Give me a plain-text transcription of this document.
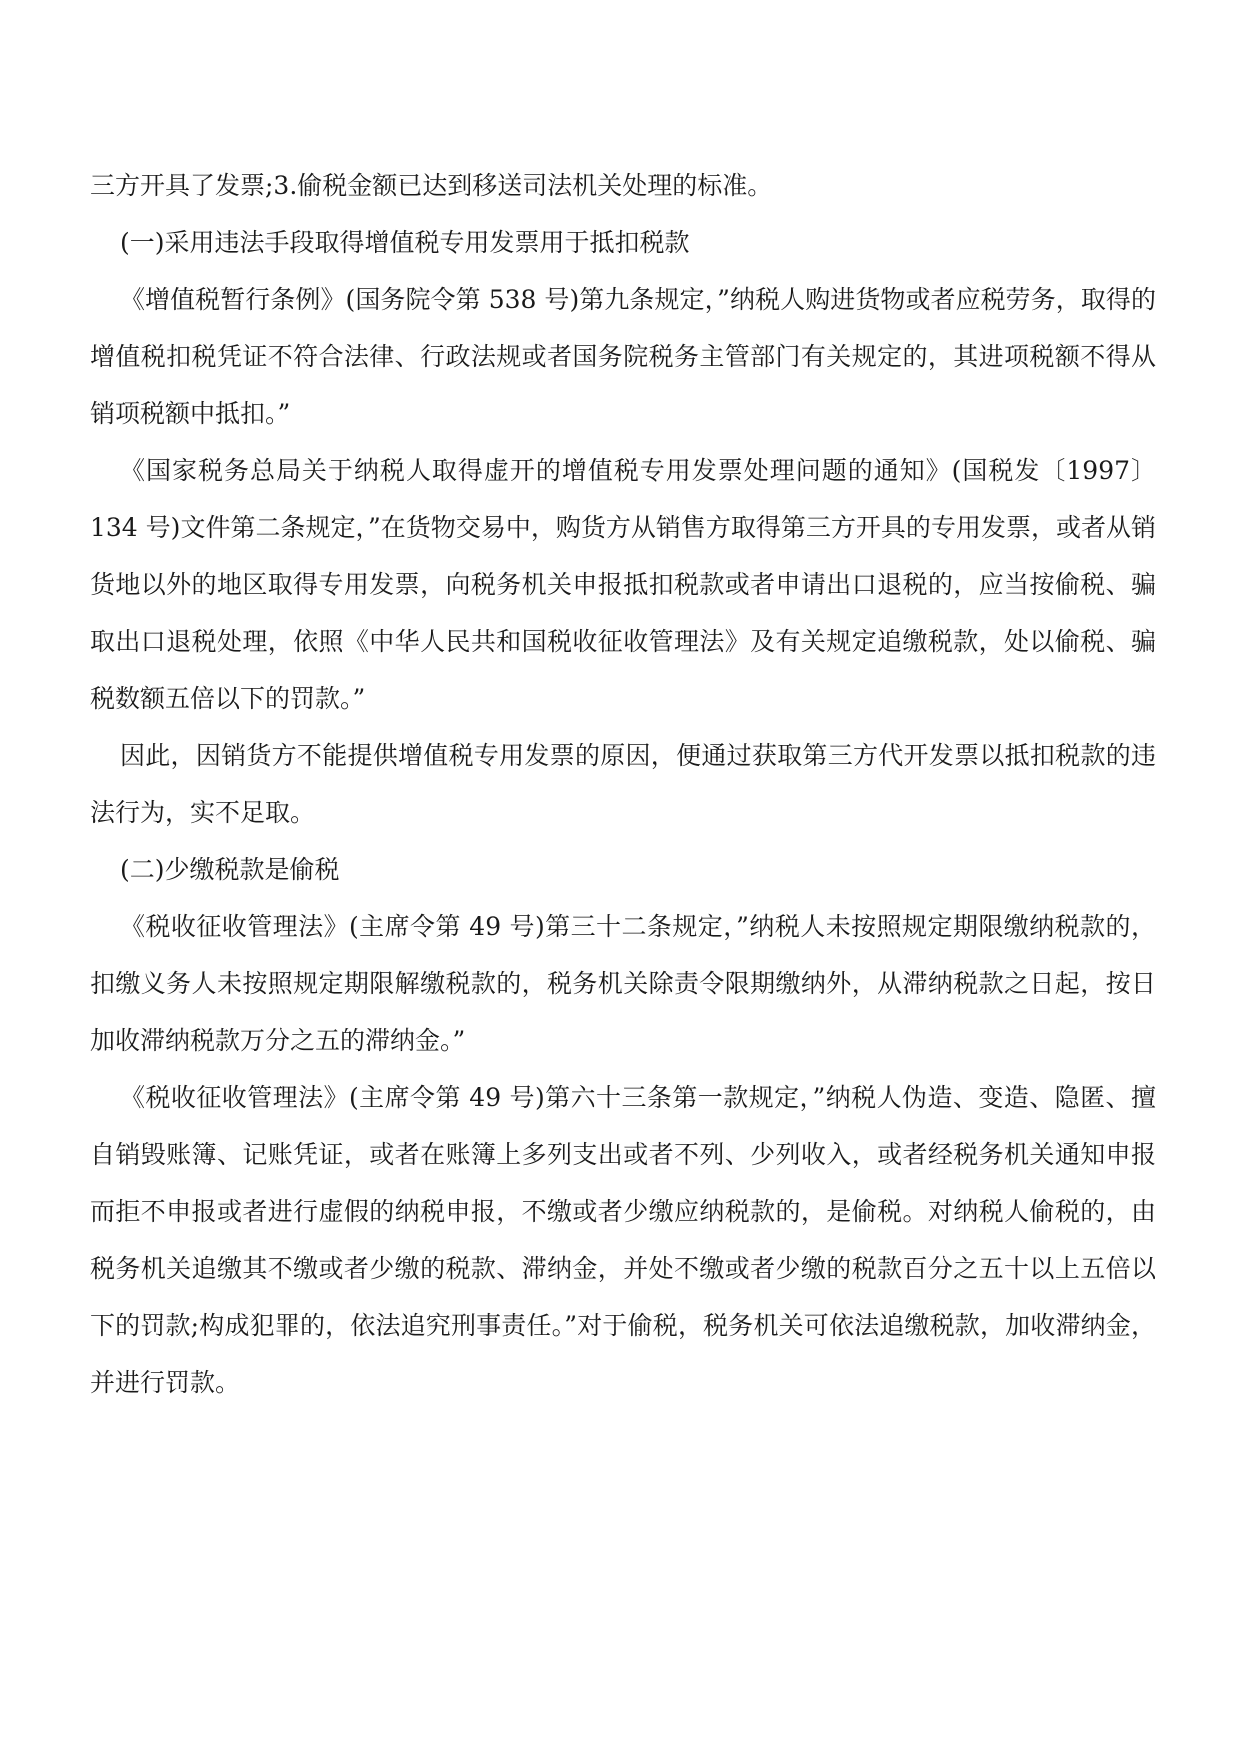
三方开具了发票;3.偷税金额已达到移送司法机关处理的标准。

(一)采用违法手段取得增值税专用发票用于抵扣税款

《增值税暂行条例》(国务院令第 538 号)第九条规定，”纳税人购进货物或者应税劳务，取得的增值税扣税凭证不符合法律、行政法规或者国务院税务主管部门有关规定的，其进项税额不得从销项税额中抵扣。”

《国家税务总局关于纳税人取得虚开的增值税专用发票处理问题的通知》(国税发〔1997〕134 号)文件第二条规定，”在货物交易中，购货方从销售方取得第三方开具的专用发票，或者从销货地以外的地区取得专用发票，向税务机关申报抵扣税款或者申请出口退税的，应当按偷税、骗取出口退税处理，依照《中华人民共和国税收征收管理法》及有关规定追缴税款，处以偷税、骗税数额五倍以下的罚款。”

因此，因销货方不能提供增值税专用发票的原因，便通过获取第三方代开发票以抵扣税款的违法行为，实不足取。

(二)少缴税款是偷税

《税收征收管理法》(主席令第 49 号)第三十二条规定，”纳税人未按照规定期限缴纳税款的，扣缴义务人未按照规定期限解缴税款的，税务机关除责令限期缴纳外，从滞纳税款之日起，按日加收滞纳税款万分之五的滞纳金。”

《税收征收管理法》(主席令第 49 号)第六十三条第一款规定，”纳税人伪造、变造、隐匿、擅自销毁账簿、记账凭证，或者在账簿上多列支出或者不列、少列收入，或者经税务机关通知申报而拒不申报或者进行虚假的纳税申报，不缴或者少缴应纳税款的，是偷税。对纳税人偷税的，由税务机关追缴其不缴或者少缴的税款、滞纳金，并处不缴或者少缴的税款百分之五十以上五倍以下的罚款;构成犯罪的，依法追究刑事责任。”对于偷税，税务机关可依法追缴税款，加收滞纳金，并进行罚款。
